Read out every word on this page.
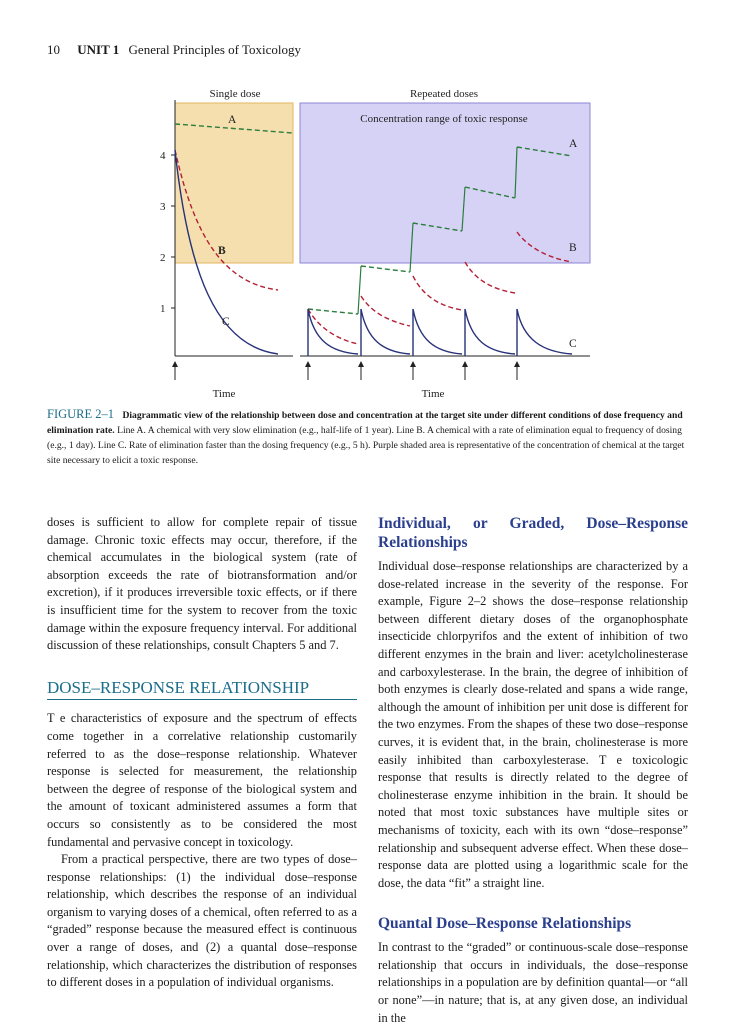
10 UNIT 1 General Principles of Toxicology
1
2
3
4
Single dose	Repeated doses
Concentration range of toxic response
A
B
C
A
B
C
Time	Time
FIGURE 2–1 Diagrammatic view of the relationship between dose and concentration at the target site under different conditions of dose frequency and elimination rate. Line A. A chemical with very slow elimination (e.g., half-life of 1 year). Line B. A chemical with a rate of elimination equal to frequency of dosing (e.g., 1 day). Line C. Rate of elimination faster than the dosing frequency (e.g., 5 h). Purple shaded area is representative of the concentration of chemical at the target site necessary to elicit a toxic response.

doses is sufficient to allow for complete repair of tissue damage. Chronic toxic effects may occur, therefore, if the chemical accumulates in the biological system (rate of absorption exceeds the rate of biotransformation and/or excretion), if it produces irreversible toxic effects, or if there is insufficient time for the system to recover from the toxic damage within the exposure frequency interval. For additional discussion of these relationships, consult Chapters 5 and 7.

DOSE–RESPONSE RELATIONSHIP

T e characteristics of exposure and the spectrum of effects come together in a correlative relationship customarily referred to as the dose–response relationship. Whatever response is selected for measurement, the relationship between the degree of response of the biological system and the amount of toxicant administered assumes a form that occurs so consistently as to be considered the most fundamental and pervasive concept in toxicology.

From a practical perspective, there are two types of dose–response relationships: (1) the individual dose–response relationship, which describes the response of an individual organism to varying doses of a chemical, often referred to as a “graded” response because the measured effect is continuous over a range of doses, and (2) a quantal dose–response relationship, which characterizes the distribution of responses to different doses in a population of individual organisms.

Individual, or Graded, Dose–Response Relationships

Individual dose–response relationships are characterized by a dose-related increase in the severity of the response. For example, Figure 2–2 shows the dose–response relationship between different dietary doses of the organophosphate insecticide chlorpyrifos and the extent of inhibition of two different enzymes in the brain and liver: acetylcholinesterase and carboxylesterase. In the brain, the degree of inhibition of both enzymes is clearly dose-related and spans a wide range, although the amount of inhibition per unit dose is different for the two enzymes. From the shapes of these two dose–response curves, it is evident that, in the brain, cholinesterase is more easily inhibited than carboxylesterase. T e toxicologic response that results is directly related to the degree of cholinesterase enzyme inhibition in the brain. It should be noted that most toxic substances have multiple sites or mechanisms of toxicity, each with its own “dose–response” relationship and subsequent adverse effect. When these dose–response data are plotted using a logarithmic scale for the dose, the data “fit” a straight line.

Quantal Dose–Response Relationships

In contrast to the “graded” or continuous-scale dose–response relationship that occurs in individuals, the dose–response relationships in a population are by definition quantal—or “all or none”—in nature; that is, at any given dose, an individual in the
